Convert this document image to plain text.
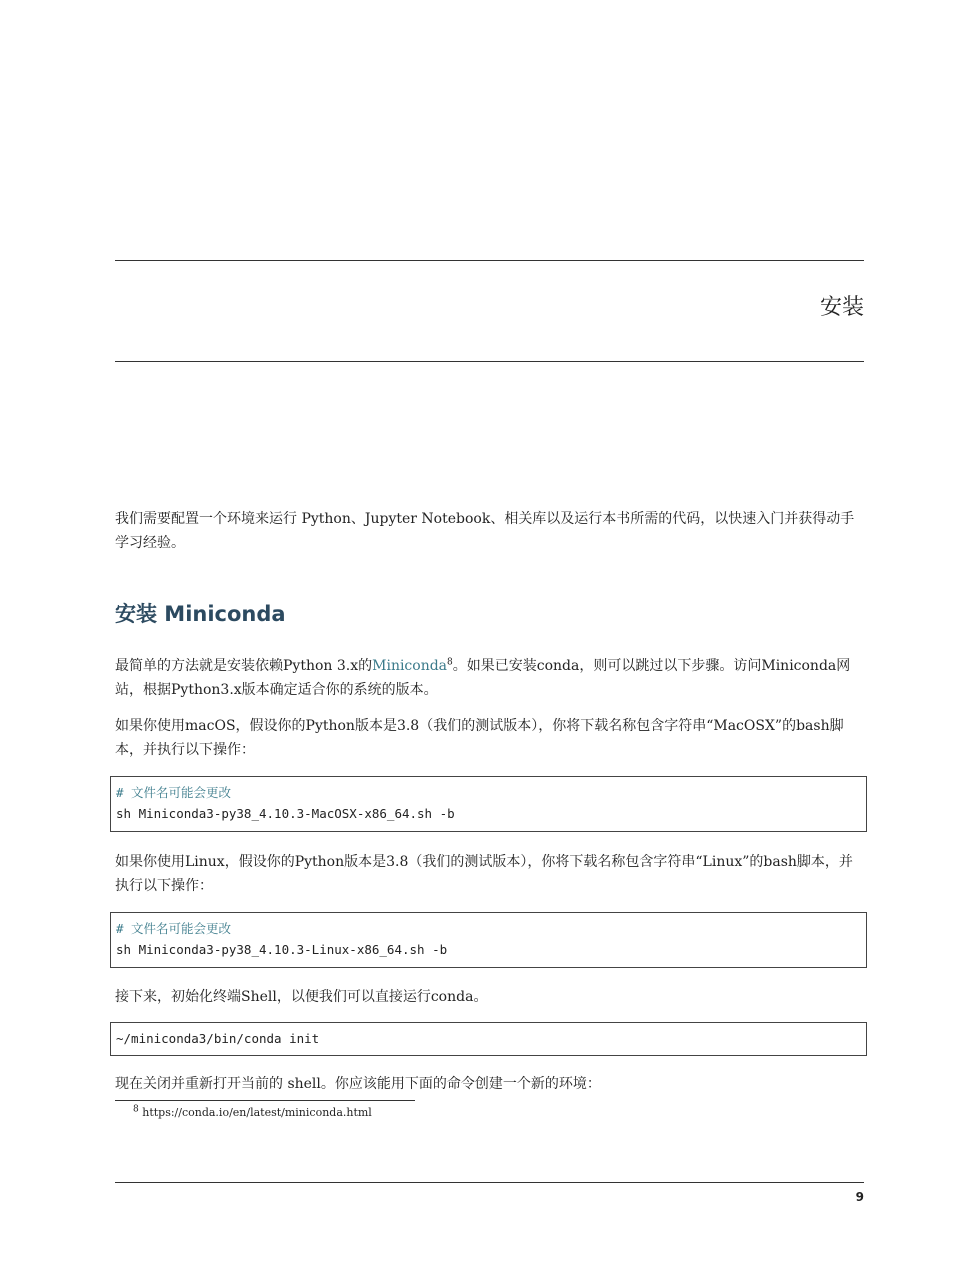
安装
我们需要配置一个环境来运行 Python、Jupyter Notebook、相关库以及运行本书所需的代码，以快速入门并获得动手学习经验。
安装 Miniconda
最简单的方法就是安装依赖Python 3.x的Miniconda$^8$。如果已安装conda，则可以跳过以下步骤。访问Miniconda网站，根据Python3.x版本确定适合你的系统的版本。
如果你使用macOS，假设你的Python版本是3.8（我们的测试版本），你将下载名称包含字符串“MacOSX”的bash脚本，并执行以下操作：
# 文件名可能会更改
sh Miniconda3-py38_4.10.3-MacOSX-x86_64.sh -b
如果你使用Linux，假设你的Python版本是3.8（我们的测试版本），你将下载名称包含字符串“Linux”的bash脚本，并执行以下操作：
# 文件名可能会更改
sh Miniconda3-py38_4.10.3-Linux-x86_64.sh -b
接下来，初始化终端Shell，以便我们可以直接运行conda。
~/miniconda3/bin/conda init
现在关闭并重新打开当前的 shell。你应该能用下面的命令创建一个新的环境：
$^8$ https://conda.io/en/latest/miniconda.html
9
